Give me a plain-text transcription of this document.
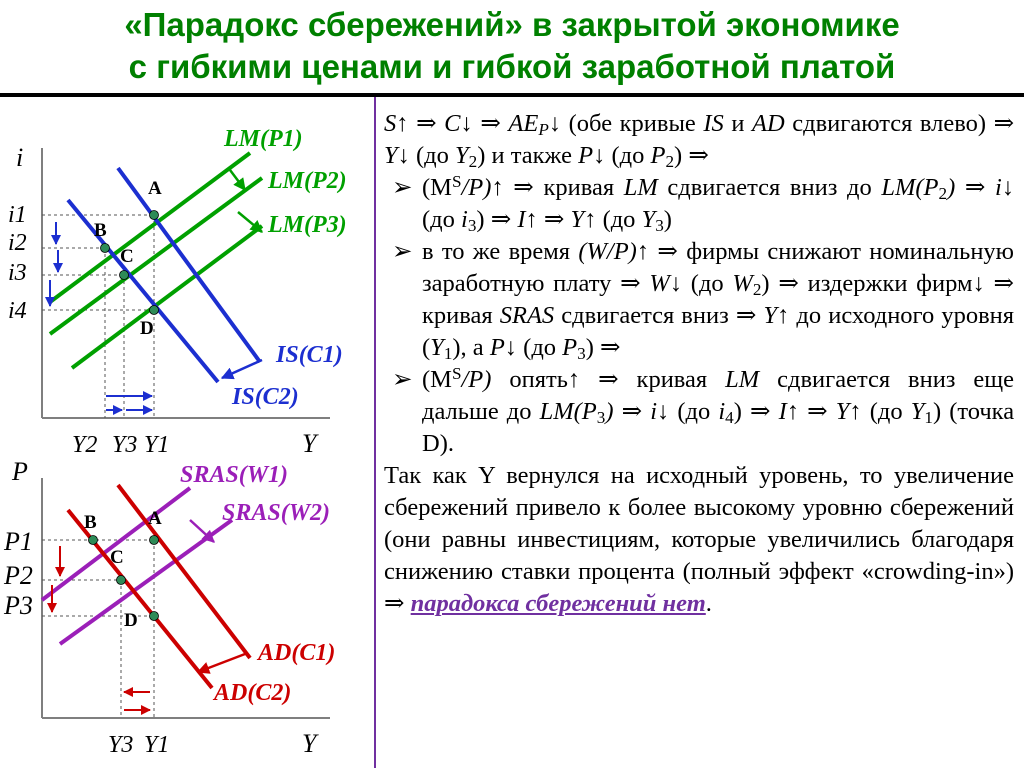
«Парадокс сбережений» в закрытой экономике
с гибкими ценами и гибкой заработной платой
A
B
C
D
i
Y
i1
i2
i3
i4
Y2 Y3 Y1
LM(P1)
LM(P2)
LM(P3)
IS(C1)
IS(C2)
A
B
C
D
P
Y
P1
P2
P3
Y3 Y1
SRAS(W1)
SRAS(W2)
AD(C1)
AD(C2)

S↑ ⇒ C↓ ⇒ $AE_P↓$ (обе кривые IS и AD сдвигаются влево) ⇒ Y↓ (до $Y_2$) и также P↓ (до $P_2$) ⇒

➢ $(M^S/P)↑$ ⇒ кривая LM сдвигается вниз до $LM(P_2)$ ⇒ i↓ (до $i_3$) ⇒ I↑ ⇒ Y↑ (до $Y_3$)

➢ в то же время (W/P)↑ ⇒ фирмы снижают номинальную заработную плату ⇒ W↓ (до $W_2$) ⇒ издержки фирм↓ ⇒ кривая SRAS сдвигается вниз ⇒ Y↑ до исходного уровня $(Y_1)$, а P↓ (до $P_3$) ⇒

➢ $(M^S/P)$ опять↑ ⇒ кривая LM сдвигается вниз еще дальше до $LM(P_3)$ ⇒ i↓ (до $i_4$) ⇒ I↑ ⇒ Y↑ (до $Y_1$) (точка D).

Так как Y вернулся на исходный уровень, то увеличение сбережений привело к более высокому уровню сбережений (они равны инвестициям, которые увеличились благодаря снижению ставки процента (полный эффект «crowding-in») ⇒ парадокса сбережений нет.
